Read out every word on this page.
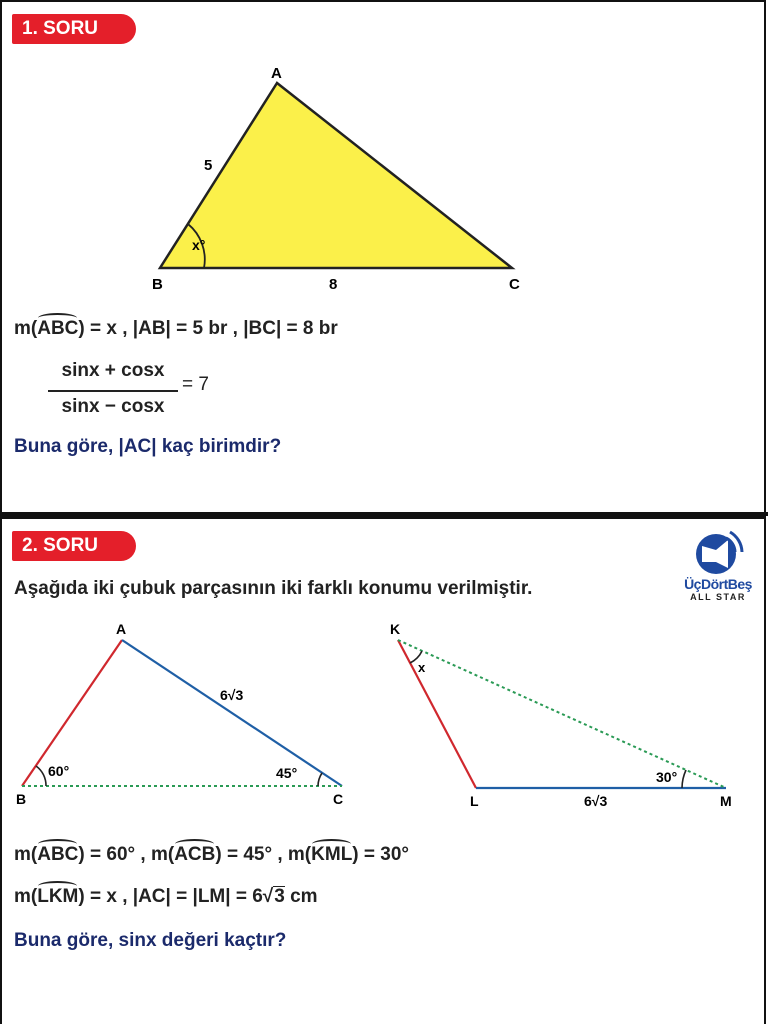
1. SORU
A
B	C
5
8
x°
m(ABC) = x , |AB| = 5 br , |BC| = 8 br
sinx + cosx
sinx − cosx
= 7
Buna göre, |AC| kaç birimdir?
2. SORU
Aşağıda iki çubuk parçasının iki farklı konumu verilmiştir.	ÜçDörtBeş
ALL STAR
A
B	C
60°	45°
6√3
K
L	M
x
30°
6√3
m(ABC) = 60° , m(ACB) = 45° , m(KML) = 30°
m(LKM) = x , |AC| = |LM| = 6√3 cm
Buna göre, sinx değeri kaçtır?
